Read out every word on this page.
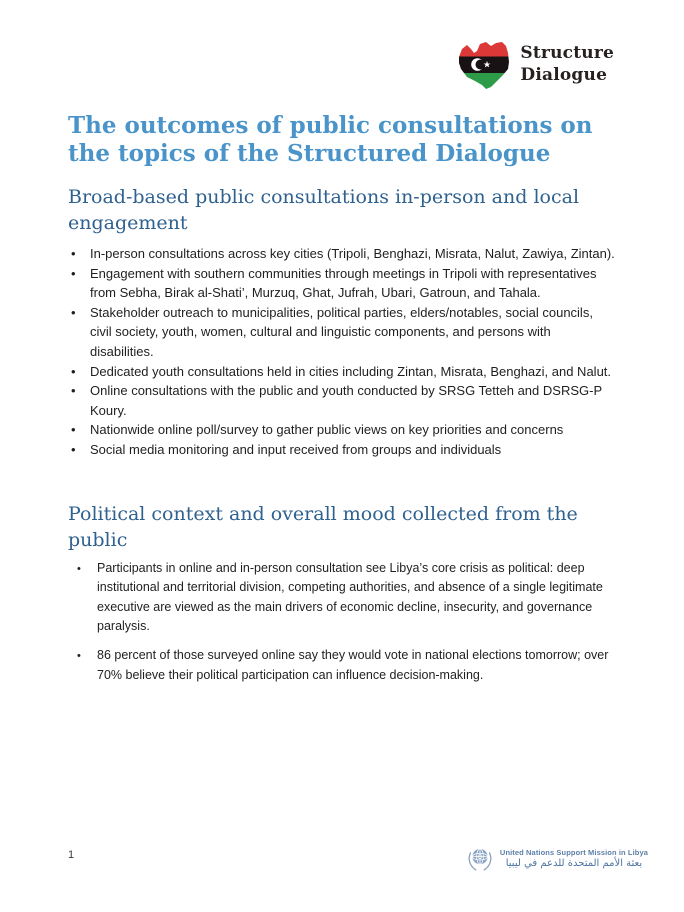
Structure
Dialogue
The outcomes of public consultations on
the topics of the Structured Dialogue
Broad-based public consultations in-person and local
engagement
• In-person consultations across key cities (Tripoli, Benghazi, Misrata, Nalut, Zawiya, Zintan).
• Engagement with southern communities through meetings in Tripoli with representatives from Sebha, Birak al-Shati’, Murzuq, Ghat, Jufrah, Ubari, Gatroun, and Tahala.
• Stakeholder outreach to municipalities, political parties, elders/notables, social councils, civil society, youth, women, cultural and linguistic components, and persons with disabilities.
• Dedicated youth consultations held in cities including Zintan, Misrata, Benghazi, and Nalut.
• Online consultations with the public and youth conducted by SRSG Tetteh and DSRSG-P Koury.
• Nationwide online poll/survey to gather public views on key priorities and concerns
• Social media monitoring and input received from groups and individuals
Political context and overall mood collected from the public
• Participants in online and in-person consultation see Libya’s core crisis as political: deep institutional and territorial division, competing authorities, and absence of a single legitimate executive are viewed as the main drivers of economic decline, insecurity, and governance paralysis.
• 86 percent of those surveyed online say they would vote in national elections tomorrow; over 70% believe their political participation can influence decision-making.
1	United Nations Support Mission in Libya
بعثة الأمم المتحدة للدعم في ليبيا
